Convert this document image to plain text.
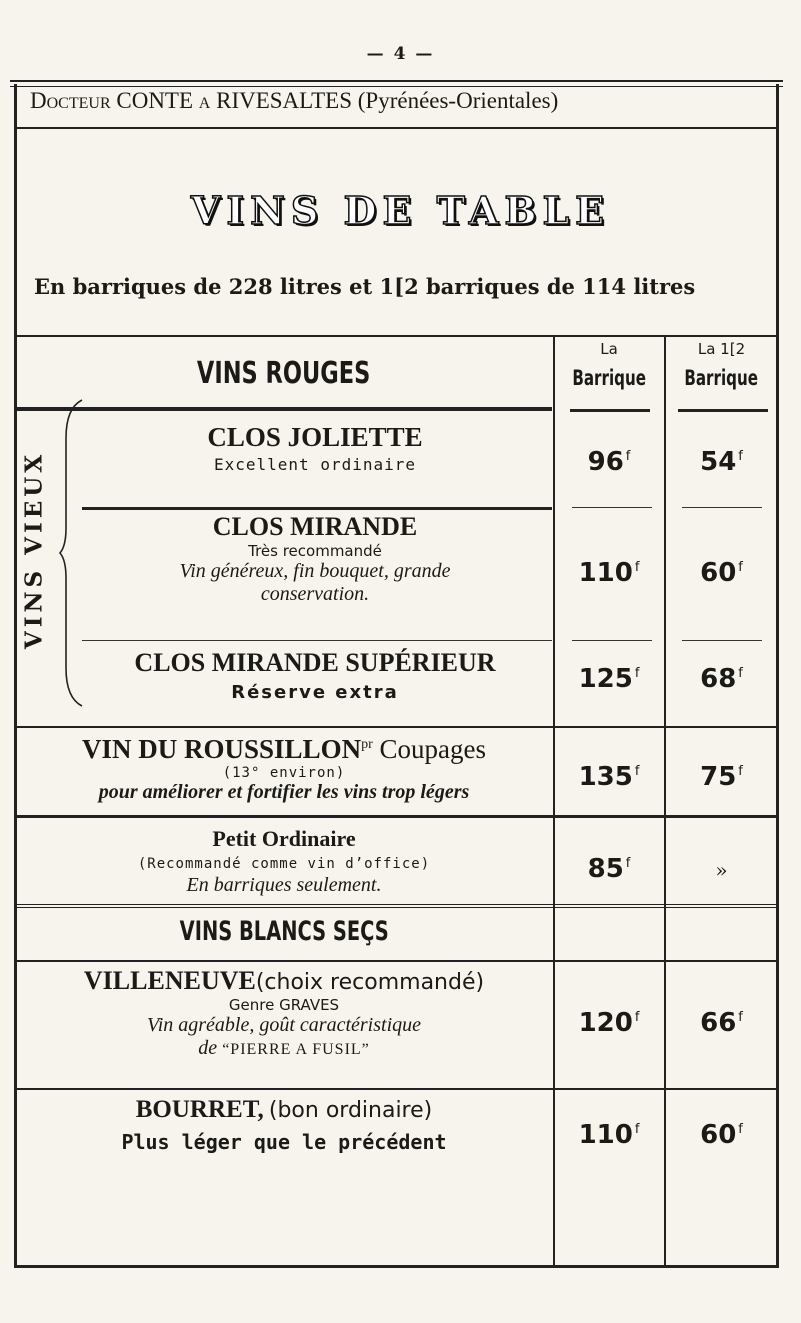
— 4 —
Docteur CONTE a RIVESALTES (Pyrénées-Orientales)
VINS DE TABLE
En barriques de 228 litres et 1[2 barriques de 114 litres
VINS ROUGES
La
Barrique
La 1[2
Barrique
VINS VIEUX
CLOS JOLIETTE
Excellent ordinaire	96 $^f$	54 $^f$
CLOS MIRANDE
Très recommandé
Vin généreux, fin bouquet, grande
conservation.
110 $^f$	60 $^f$
CLOS MIRANDE SUPÉRIEUR
Réserve extra	125 $^f$	68 $^f$
VIN DU $ROUSSILLON^{pr}$ Coupages
(13° environ)
pour améliorer et fortifier les vins trop légers	135 $^f$	75 $^f$
Petit Ordinaire
(Recommandé comme vin d’office)
En barriques seulement.
85 $^f$	»
VINS BLANCS SEÇS
VILLENEUVE(choix recommandé)
Genre GRAVES
Vin agréable, goût caractéristique
de “PIERRE A FUSIL”
120 $^f$	66 $^f$
BOURRET, (bon ordinaire)
Plus léger que le précédent	110 $^f$	60 $^f$
